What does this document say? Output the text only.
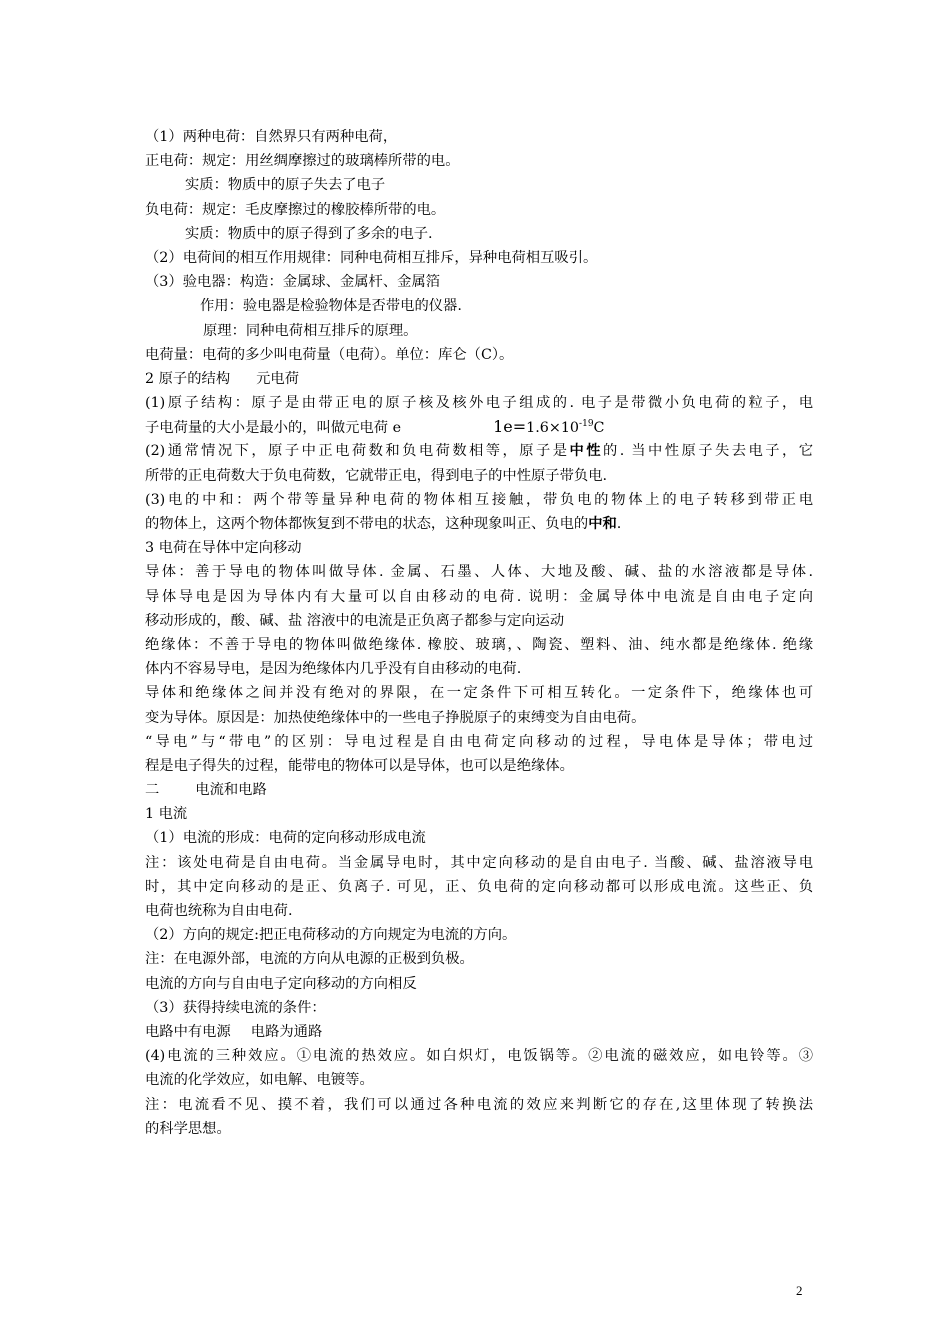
（1）两种电荷：自然界只有两种电荷，
正电荷：规定：用丝绸摩擦过的玻璃棒所带的电。
实质：物质中的原子失去了电子
负电荷：规定：毛皮摩擦过的橡胶棒所带的电。
实质：物质中的原子得到了多余的电子.
（2）电荷间的相互作用规律：同种电荷相互排斥，异种电荷相互吸引。
（3）验电器：构造：金属球、金属杆、金属箔
作用：验电器是检验物体是否带电的仪器.
原理：同种电荷相互排斥的原理。
电荷量：电荷的多少叫电荷量（电荷）。单位：库仑（C）。
2 原子的结构 元电荷
(1)原子结构：原子是由带正电的原子核及核外电子组成的. 电子是带微小负电荷的粒子，电
子电荷量的大小是最小的，叫做元电荷 e	$1e=1.6\times 10^{-19}C$
(2)通常情况下，原子中正电荷数和负电荷数相等，原子是中性的. 当中性原子失去电子，它
所带的正电荷数大于负电荷数，它就带正电，得到电子的中性原子带负电.
(3)电的中和：两个带等量异种电荷的物体相互接触，带负电的物体上的电子转移到带正电
的物体上，这两个物体都恢复到不带电的状态，这种现象叫正、负电的中和.
3 电荷在导体中定向移动
导体：善于导电的物体叫做导体. 金属、石墨、人体、大地及酸、碱、盐的水溶液都是导体.
导体导电是因为导体内有大量可以自由移动的电荷. 说明：金属导体中电流是自由电子定向
移动形成的，酸、碱、盐 溶液中的电流是正负离子都参与定向运动
绝缘体：不善于导电的物体叫做绝缘体. 橡胶、玻璃，、陶瓷、塑料、油、纯水都是绝缘体. 绝缘
体内不容易导电，是因为绝缘体内几乎没有自由移动的电荷.
导体和绝缘体之间并没有绝对的界限，在一定条件下可相互转化。一定条件下，绝缘体也可
变为导体。原因是：加热使绝缘体中的一些电子挣脱原子的束缚变为自由电荷。
“导电”与“带电”的区别：导电过程是自由电荷定向移动的过程，导电体是导体；带电过
程是电子得失的过程，能带电的物体可以是导体，也可以是绝缘体。
二	电流和电路
1 电流
（1）电流的形成：电荷的定向移动形成电流
注：该处电荷是自由电荷。当金属导电时，其中定向移动的是自由电子. 当酸、碱、盐溶液导电
时，其中定向移动的是正、负离子. 可见，正、负电荷的定向移动都可以形成电流。这些正、负
电荷也统称为自由电荷.
（2）方向的规定:把正电荷移动的方向规定为电流的方向。
注：在电源外部，电流的方向从电源的正极到负极。
电流的方向与自由电子定向移动的方向相反
（3）获得持续电流的条件：
电路中有电源 电路为通路
(4)电流的三种效应。①电流的热效应。如白炽灯，电饭锅等。②电流的磁效应，如电铃等。③
电流的化学效应，如电解、电镀等。
注：电流看不见、摸不着，我们可以通过各种电流的效应来判断它的存在,这里体现了转换法
的科学思想。
2
